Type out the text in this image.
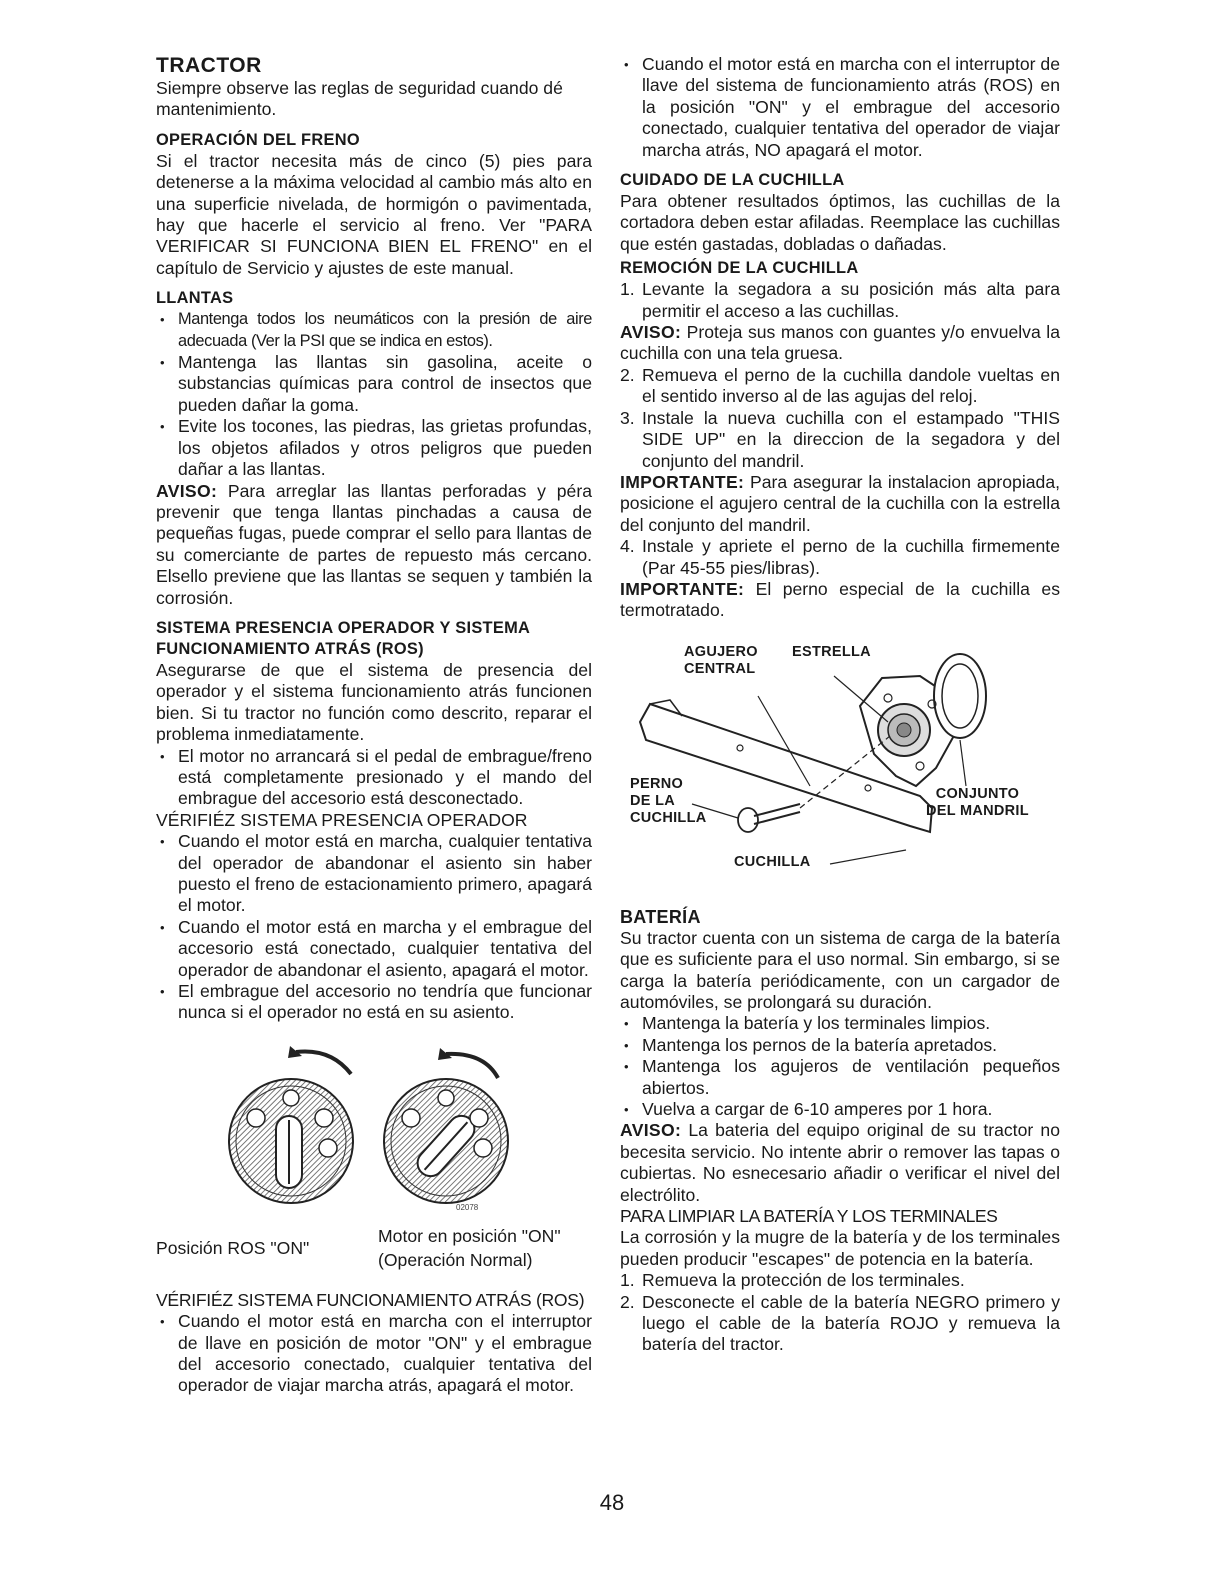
TRACTOR

Siempre observe las reglas de seguridad cuando dé mantenimiento.

OPERACIÓN DEL FRENO

Si el tractor necesita más de cinco (5) pies para detenerse a la máxima velocidad al cambio más alto en una superficie nivelada, de hormigón o pavimentada, hay que hacerle el servicio al freno. Ver "PARA VERIFICAR SI FUNCIONA BIEN EL FRENO" en el capítulo de Servicio y ajustes de este manual.

LLANTAS
• Mantenga todos los neumáticos con la presión de aire adecuada (Ver la PSI que se indica en estos).
• Mantenga las llantas sin gasolina, aceite o substancias químicas para control de insectos que pueden dañar la goma.
• Evite los tocones, las piedras, las grietas profundas, los objetos afilados y otros peligros que pueden dañar a las llantas.

AVISO: Para arreglar las llantas perforadas y péra prevenir que tenga llantas pinchadas a causa de pequeñas fugas, puede comprar el sello para llantas de su comerciante de partes de repuesto más cercano. Elsello previene que las llantas se sequen y también la corrosión.

SISTEMA PRESENCIA OPERADOR Y SISTEMA FUNCIONAMIENTO ATRÁS (ROS)

Asegurarse de que el sistema de presencia del operador y el sistema funcionamiento atrás funcionen bien. Si tu tractor no función como descrito, reparar el problema inmediatamente.

• El motor no arrancará si el pedal de embrague/freno está completamente presionado y el mando del embrague del accesorio está desconectado.
VÉRIFIÉZ SISTEMA PRESENCIA OPERADOR
• Cuando el motor está en marcha, cualquier tentativa del operador de abandonar el asiento sin haber puesto el freno de estacionamiento primero, apagará el motor.
• Cuando el motor está en marcha y el embrague del accesorio está conectado, cualquier tentativa del operador de abandonar el asiento, apagará el motor.
• El embrague del accesorio no tendría que funcionar nunca si el operador no está en su asiento.
02078
Posición ROS "ON"
Motor en posición "ON" (Operación Normal)
VÉRIFIÉZ SISTEMA FUNCIONAMIENTO ATRÁS (ROS)
• Cuando el motor está en marcha con el interruptor de llave en posición de motor "ON" y el embrague del accesorio conectado, cualquier tentativa del operador de viajar marcha atrás, apagará el motor.
• Cuando el motor está en marcha con el interruptor de llave del sistema de funcionamiento atrás (ROS) en la posición "ON" y el embrague del accesorio conectado, cualquier tentativa del operador de viajar marcha atrás, NO apagará el motor.
CUIDADO DE LA CUCHILLA

Para obtener resultados óptimos, las cuchillas de la cortadora deben estar afiladas. Reemplace las cuchillas que estén gastadas, dobladas o dañadas.

REMOCIÓN DE LA CUCHILLA
1. Levante la segadora a su posición más alta para permitir el acceso a las cuchillas.

AVISO: Proteja sus manos con guantes y/o envuelva la cuchilla con una tela gruesa.

2. Remueva el perno de la cuchilla dandole vueltas en el sentido inverso al de las agujas del reloj.
3. Instale la nueva cuchilla con el estampado "THIS SIDE UP" en la direccion de la segadora y del conjunto del mandril.

IMPORTANTE: Para asegurar la instalacion apropiada, posicione el agujero central de la cuchilla con la estrella del conjunto del mandril.

4. Instale y apriete el perno de la cuchilla firmemente (Par 45-55 pies/libras).

IMPORTANTE: El perno especial de la cuchilla es termotratado.

AGUJERO
CENTRAL
ESTRELLA
PERNO
DE LA
CUCHILLA
CONJUNTO
DEL MANDRIL
CUCHILLA
BATERÍA

Su tractor cuenta con un sistema de carga de la batería que es suficiente para el uso normal. Sin embargo, si se carga la batería periódicamente, con un cargador de automóviles, se prolongará su duración.

• Mantenga la batería y los terminales limpios.
• Mantenga los pernos de la batería apretados.
• Mantenga los agujeros de ventilación pequeños abiertos.
• Vuelva a cargar de 6-10 amperes por 1 hora.

AVISO: La bateria del equipo original de su tractor no becesita servicio. No intente abrir o remover las tapas o cubiertas. No esnecesario añadir o verificar el nivel del electrólito.

PARA LIMPIAR LA BATERÍA Y LOS TERMINALES

La corrosión y la mugre de la batería y de los terminales pueden producir "escapes" de potencia en la batería.

1. Remueva la protección de los terminales.
2. Desconecte el cable de la batería NEGRO primero y luego el cable de la batería ROJO y remueva la batería del tractor.
48
